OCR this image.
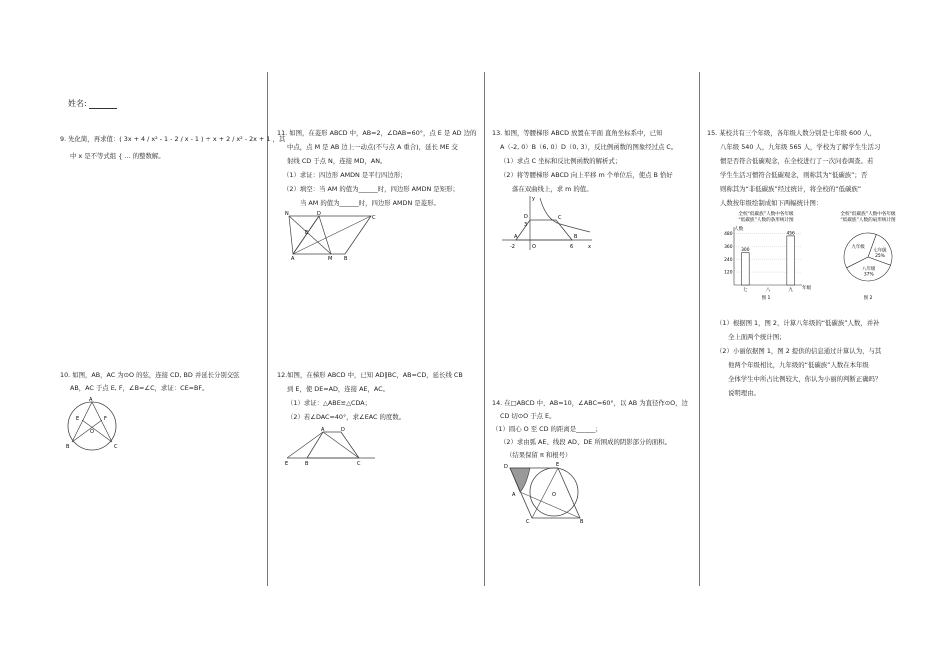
姓名:
9. 先化简，再求值：( 3x + 4 / x² - 1 - 2 / x - 1 ) ÷ x + 2 / x² - 2x + 1 ，其
中 x 是不等式组 { … 的整数解。
10. 如图，AB，AC 为⊙O 的弦，连接 CD, BD 并延长分别交弦
AB，AC 于点 E, F，∠B=∠C，求证：CE=BF。
A
E	F
O
B	C
11. 如图，在菱形 ABCD 中，AB=2，∠DAB=60°，点 E 是 AD 边的
中点，点 M 是 AB 边上一动点(不与点 A 重合)，延长 ME 交
射线 CD 于点 N，连接 MD，AN。
（1）求证：四边形 AMDN 是平行四边形；
（2）填空：当 AM 的值为______时，四边形 AMDN 是矩形；
当 AM 的值为______时，四边形 AMDN 是菱形。
N	D
E
C
A	M B
12.如图，在梯形 ABCD 中，已知 AD∥BC，AB=CD，延长线 CB
到 E，使 DE=AD，连接 AE，AC。
（1）求证：△ABE≌△CDA；
（2）若∠DAC=40°，求∠EAC 的度数。
A	D
E	B	C
13. 如图，等腰梯形 ABCD 放置在平面 直角坐标系中，已知
A（-2, 0）B（6, 0）D（0, 3），反比例函数的图象经过点 C。
（1）求点 C 坐标和反比例函数的解析式；
（2）将等腰梯形 ABCD 向上平移 m 个单位后，使点 B 恰好
落在双曲线上，求 m 的值。
y
D	C
3
-2	O	6	x
A	B
14. 在□ABCD 中，AB=10，∠ABC=60°，以 AB 为直径作⊙O，边
CD 切⊙O 于点 E。
（1）圆心 O 至 CD 的距离是______；
（2）求由弧 AE、线段 AD、DE 所围成的阴影部分的面积。
（结果保留 π 和根号）
D	E
A	O
C	B
15. 某校共有三个年级，各年级人数分别是七年级 600 人，
八年级 540 人，九年级 565 人，学校为了解学生生活习
惯是否符合低碳观念，在全校进行了一次问卷调查。若
学生生活习惯符合低碳观念，则称其为“低碳族”；否
则称其为“非低碳族”经过统计，将全校的“低碳族”
人数按年级绘制成如下两幅统计图：
全校“低碳族”人数中各年级
“低碳族”人数的条形统计图
人数
年级
图 1
120
240
360
480
300
七	八
456
九
全校“低碳族”人数中各年级
“低碳族”人数的扇形统计图
图 2
七年级
25%
八年级
37%
九年级
（1）根据图 1，图 2，计算八年级的“低碳族”人数，并补
全上面两个统计图；
（2）小丽依据图 1，图 2 提供的信息通过计算认为，与其
他两个年级相比，九年级的“低碳族”人数在本年级
全体学生中所占比例较大，你认为小丽的判断正确吗？
说明理由。
